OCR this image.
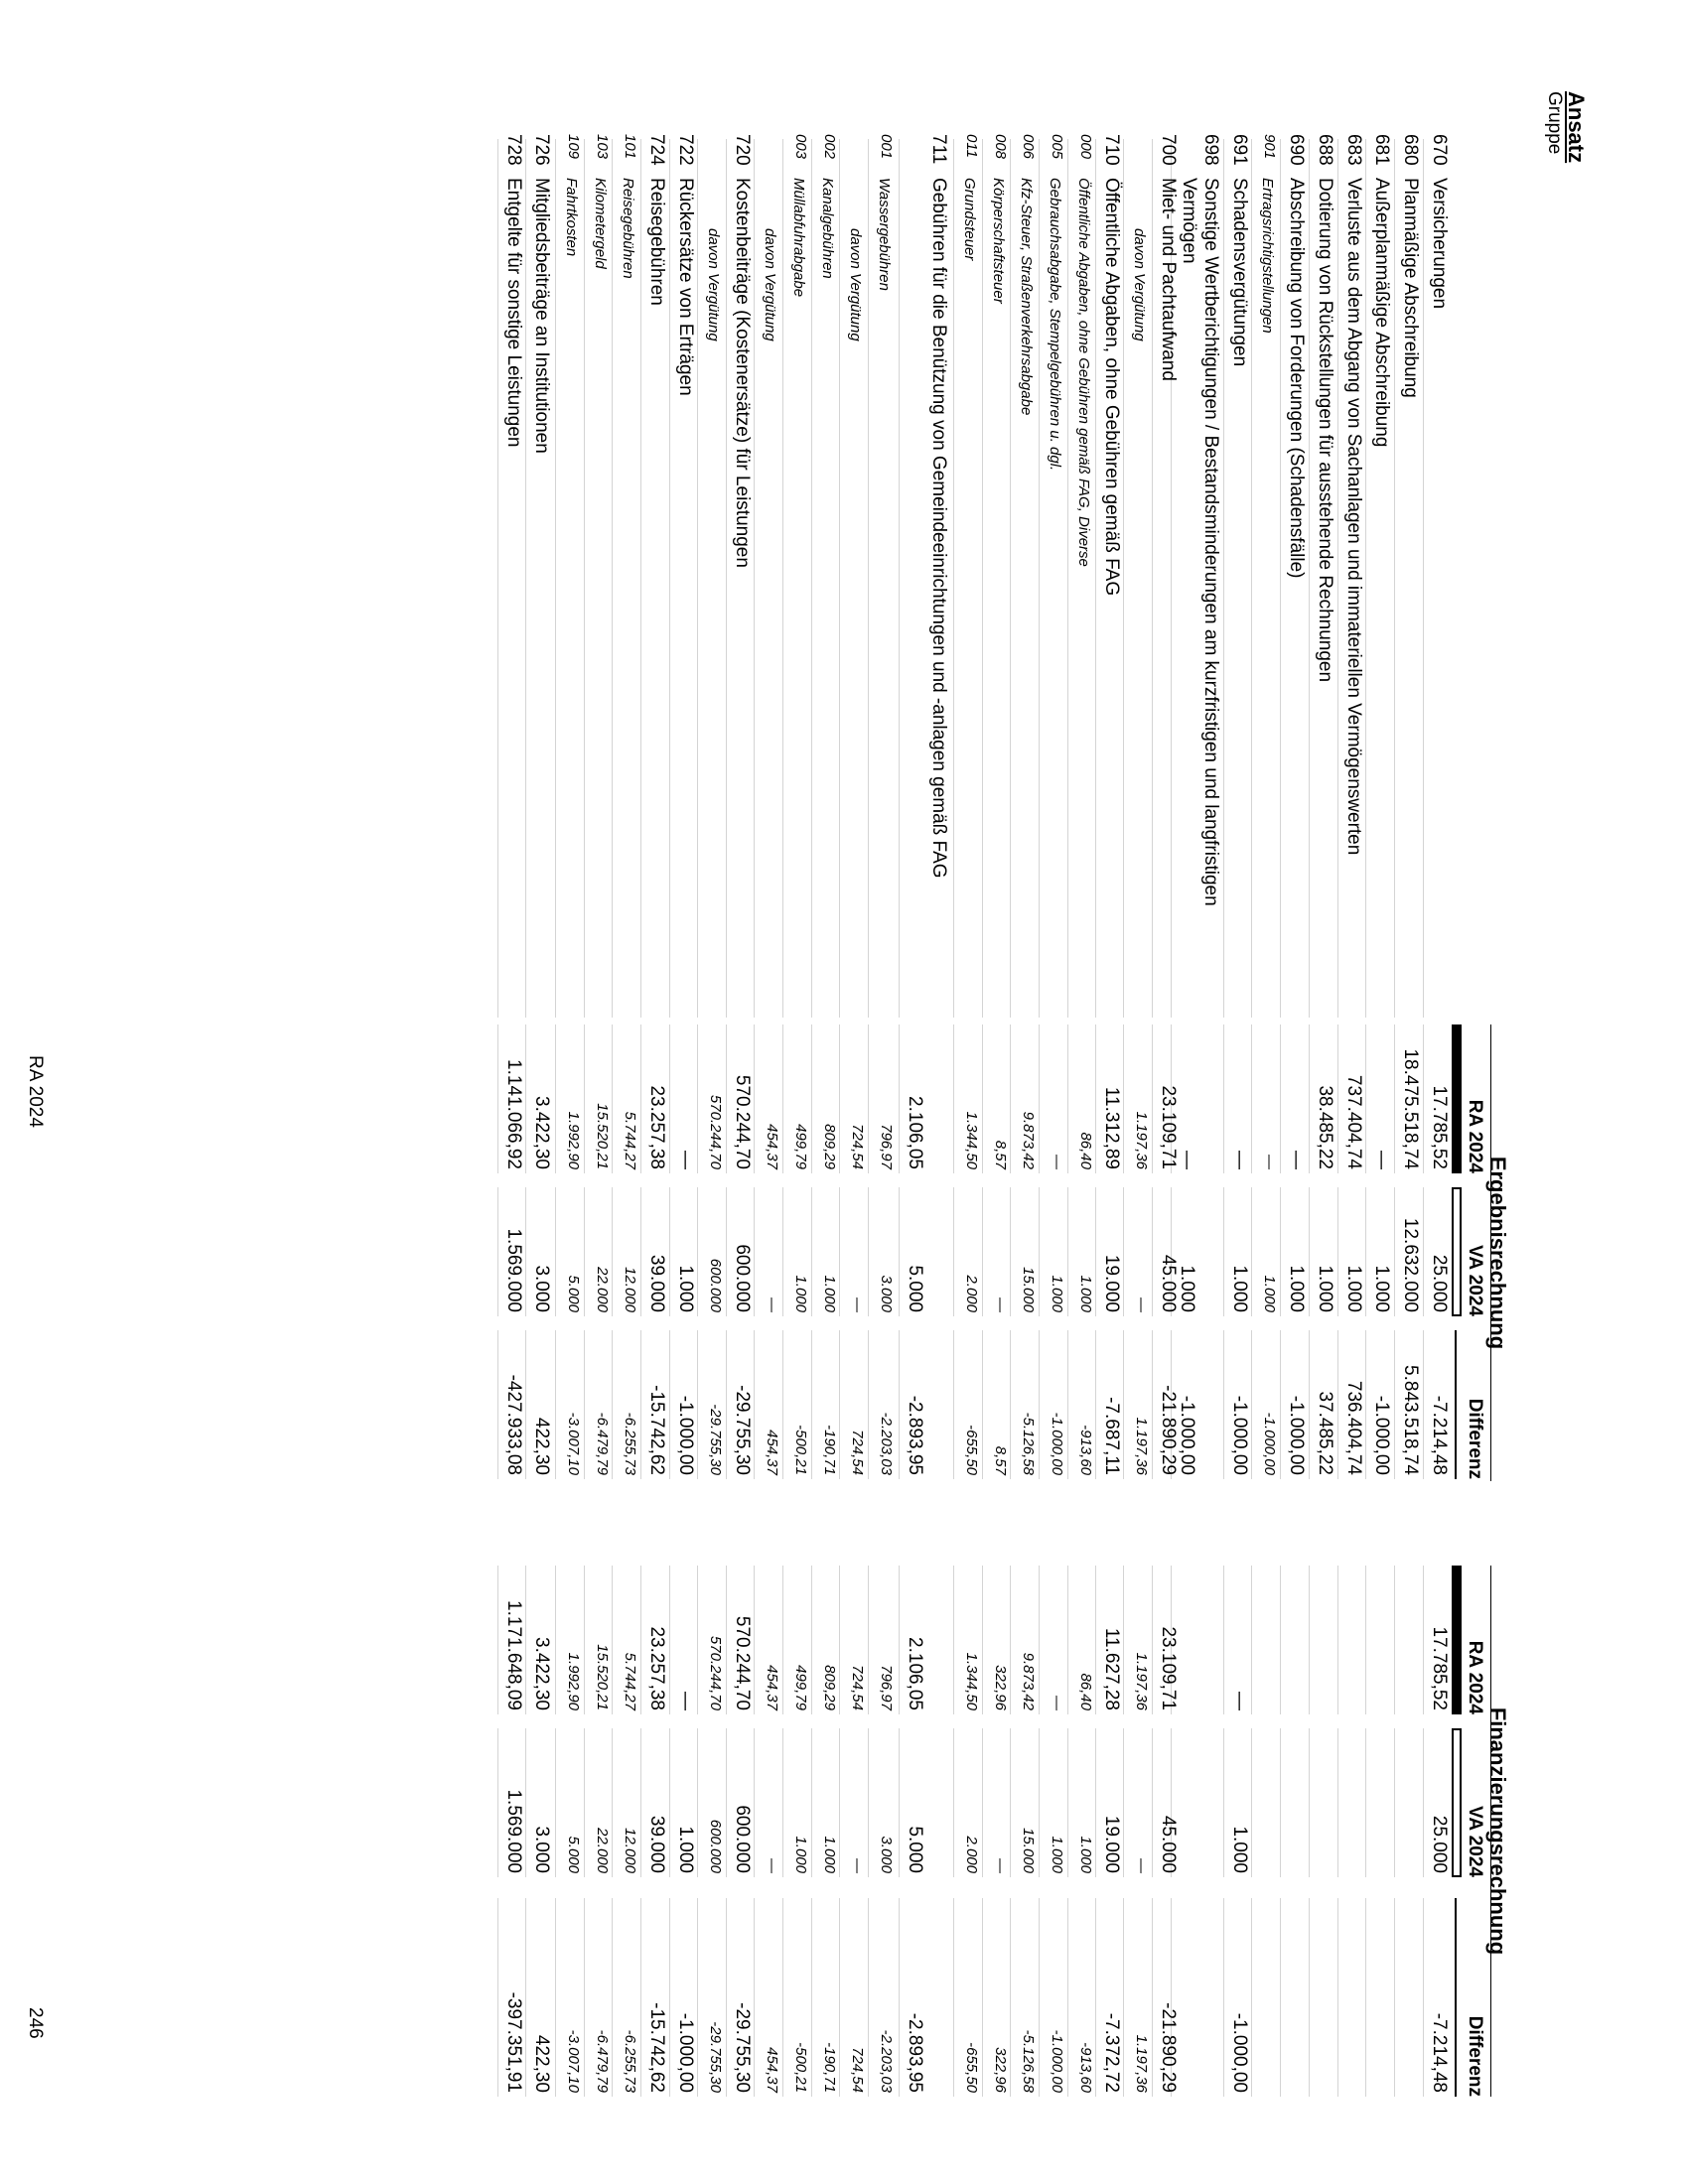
Ansatz
Gruppe
Ergebnisrechnung
Finanzierungsrechnung
RA 2024
VA 2024
Differenz
RA 2024
VA 2024
Differenz
670
Versicherungen
17.785,52
25.000
-7.214,48
17.785,52
25.000
-7.214,48
680
Planmäßige Abschreibung
18.475.518,74
12.632.000
5.843.518,74
681
Außerplanmäßige Abschreibung
—
1.000
-1.000,00
683
Verluste aus dem Abgang von Sachanlagen und immateriellen Vermögenswerten
737.404,74
1.000
736.404,74
688
Dotierung von Rückstellungen für ausstehende Rechnungen
38.485,22
1.000
37.485,22
690
Abschreibung von Forderungen (Schadensfälle)
—
1.000
-1.000,00
901
Ertragsrichtigstellungen
—
1.000
-1.000,00
691
Schadensvergütungen
—
1.000
-1.000,00
—
1.000
-1.000,00
698
Sonstige Wertberichtigungen / Bestandsminderungen am kurzfristigen und langfristigen Vermögen
—
1.000
-1.000,00
700
Miet- und Pachtaufwand
23.109,71
45.000
-21.890,29
23.109,71
45.000
-21.890,29
davon Vergütung
1.197,36
—
1.197,36
1.197,36
—
1.197,36
710
Öffentliche Abgaben, ohne Gebühren gemäß FAG
11.312,89
19.000
-7.687,11
11.627,28
19.000
-7.372,72
000
Öffentliche Abgaben, ohne Gebühren gemäß FAG, Diverse
86,40
1.000
-913,60
86,40
1.000
-913,60
005
Gebrauchsabgabe, Stempelgebühren u. dgl.
—
1.000
-1.000,00
—
1.000
-1.000,00
006
Kfz-Steuer, Straßenverkehrsabgabe
9.873,42
15.000
-5.126,58
9.873,42
15.000
-5.126,58
008
Körperschaftsteuer
8,57
—
8,57
322,96
—
322,96
011
Grundsteuer
1.344,50
2.000
-655,50
1.344,50
2.000
-655,50
711
Gebühren für die Benützung von Gemeindeeinrichtungen und -anlagen gemäß FAG
2.106,05
5.000
-2.893,95
2.106,05
5.000
-2.893,95
001
Wassergebühren
796,97
3.000
-2.203,03
796,97
3.000
-2.203,03
davon Vergütung
724,54
—
724,54
724,54
—
724,54
002
Kanalgebühren
809,29
1.000
-190,71
809,29
1.000
-190,71
003
Müllabfuhrabgabe
499,79
1.000
-500,21
499,79
1.000
-500,21
davon Vergütung
454,37
—
454,37
454,37
—
454,37
720
Kostenbeiträge (Kostenersätze) für Leistungen
570.244,70
600.000
-29.755,30
570.244,70
600.000
-29.755,30
davon Vergütung
570.244,70
600.000
-29.755,30
570.244,70
600.000
-29.755,30
722
Rückersätze von Erträgen
—
1.000
-1.000,00
—
1.000
-1.000,00
724
Reisegebühren
23.257,38
39.000
-15.742,62
23.257,38
39.000
-15.742,62
101
Reisegebühren
5.744,27
12.000
-6.255,73
5.744,27
12.000
-6.255,73
103
Kilometergeld
15.520,21
22.000
-6.479,79
15.520,21
22.000
-6.479,79
109
Fahrtkosten
1.992,90
5.000
-3.007,10
1.992,90
5.000
-3.007,10
726
Mitgliedsbeiträge an Institutionen
3.422,30
3.000
422,30
3.422,30
3.000
422,30
728
Entgelte für sonstige Leistungen
1.141.066,92
1.569.000
-427.933,08
1.171.648,09
1.569.000
-397.351,91
RA 2024
246
